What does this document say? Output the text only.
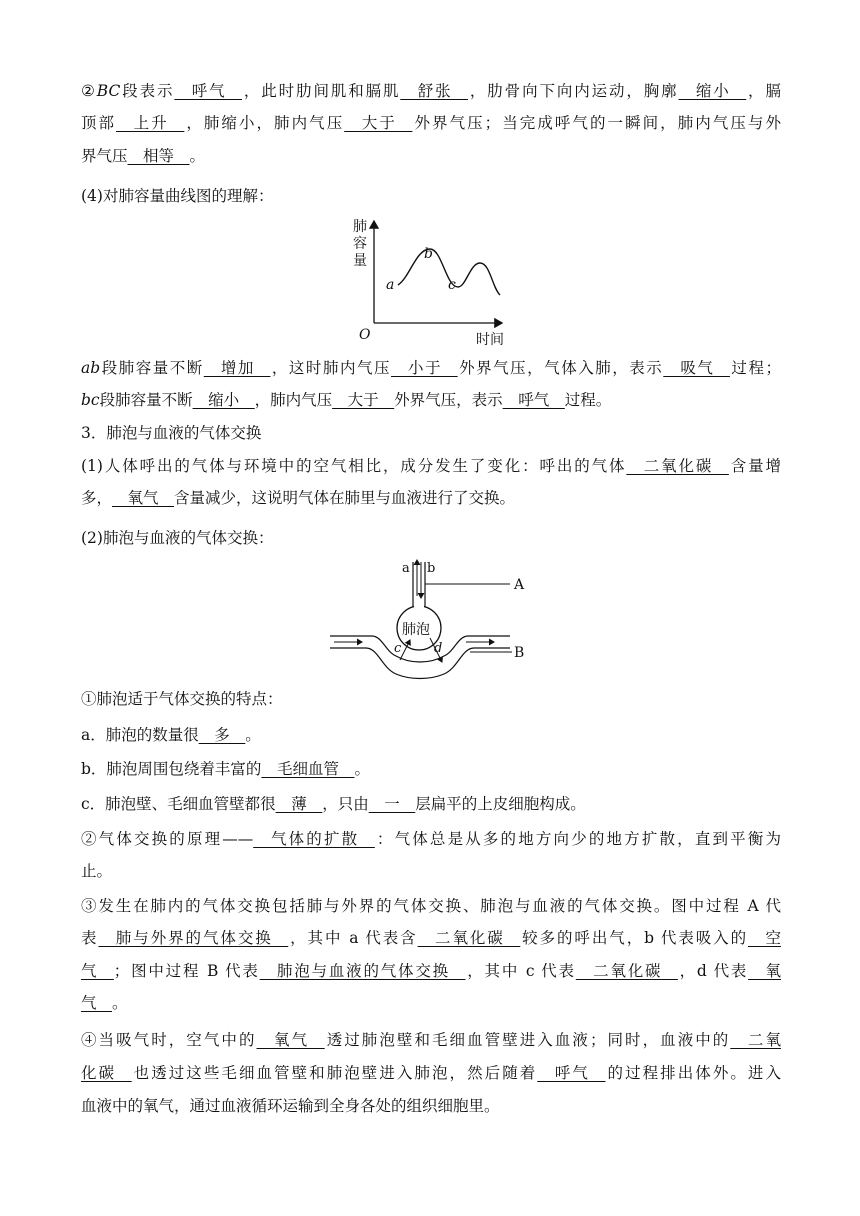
②BC段表示__呼气__，此时肋间肌和膈肌__舒张__，肋骨向下向内运动，胸廓__缩小__，膈
顶部__上升__，肺缩小，肺内气压__大于__外界气压；当完成呼气的一瞬间，肺内气压与外
界气压__相等__。
(4)对肺容量曲线图的理解：
ab段肺容量不断__增加__，这时肺内气压__小于__外界气压，气体入肺，表示__吸气__过程；
bc段肺容量不断__缩小__，肺内气压__大于__外界气压，表示__呼气__过程。
3．肺泡与血液的气体交换
(1)人体呼出的气体与环境中的空气相比，成分发生了变化：呼出的气体__二氧化碳__含量增
多，__氧气__含量减少，这说明气体在肺里与血液进行了交换。
(2)肺泡与血液的气体交换：
①肺泡适于气体交换的特点：
a．肺泡的数量很__多__。
b．肺泡周围包绕着丰富的__毛细血管__。
c．肺泡壁、毛细血管壁都很__薄__，只由__一__层扁平的上皮细胞构成。
②气体交换的原理——__气体的扩散__：气体总是从多的地方向少的地方扩散，直到平衡为
止。
③发生在肺内的气体交换包括肺与外界的气体交换、肺泡与血液的气体交换。图中过程 A 代
表__肺与外界的气体交换__，其中 a 代表含__二氧化碳__较多的呼出气，b 代表吸入的__空
气__；图中过程 B 代表__肺泡与血液的气体交换__，其中 c 代表__二氧化碳__，d 代表__氧
气__。
④当吸气时，空气中的__氧气__透过肺泡壁和毛细血管壁进入血液；同时，血液中的__二氧
化碳__也透过这些毛细血管壁和肺泡壁进入肺泡，然后随着__呼气__的过程排出体外。进入
血液中的氧气，通过血液循环运输到全身各处的组织细胞里。
肺
容
量
O	时间
a
b
c
a b
A
肺泡
B
c	d
